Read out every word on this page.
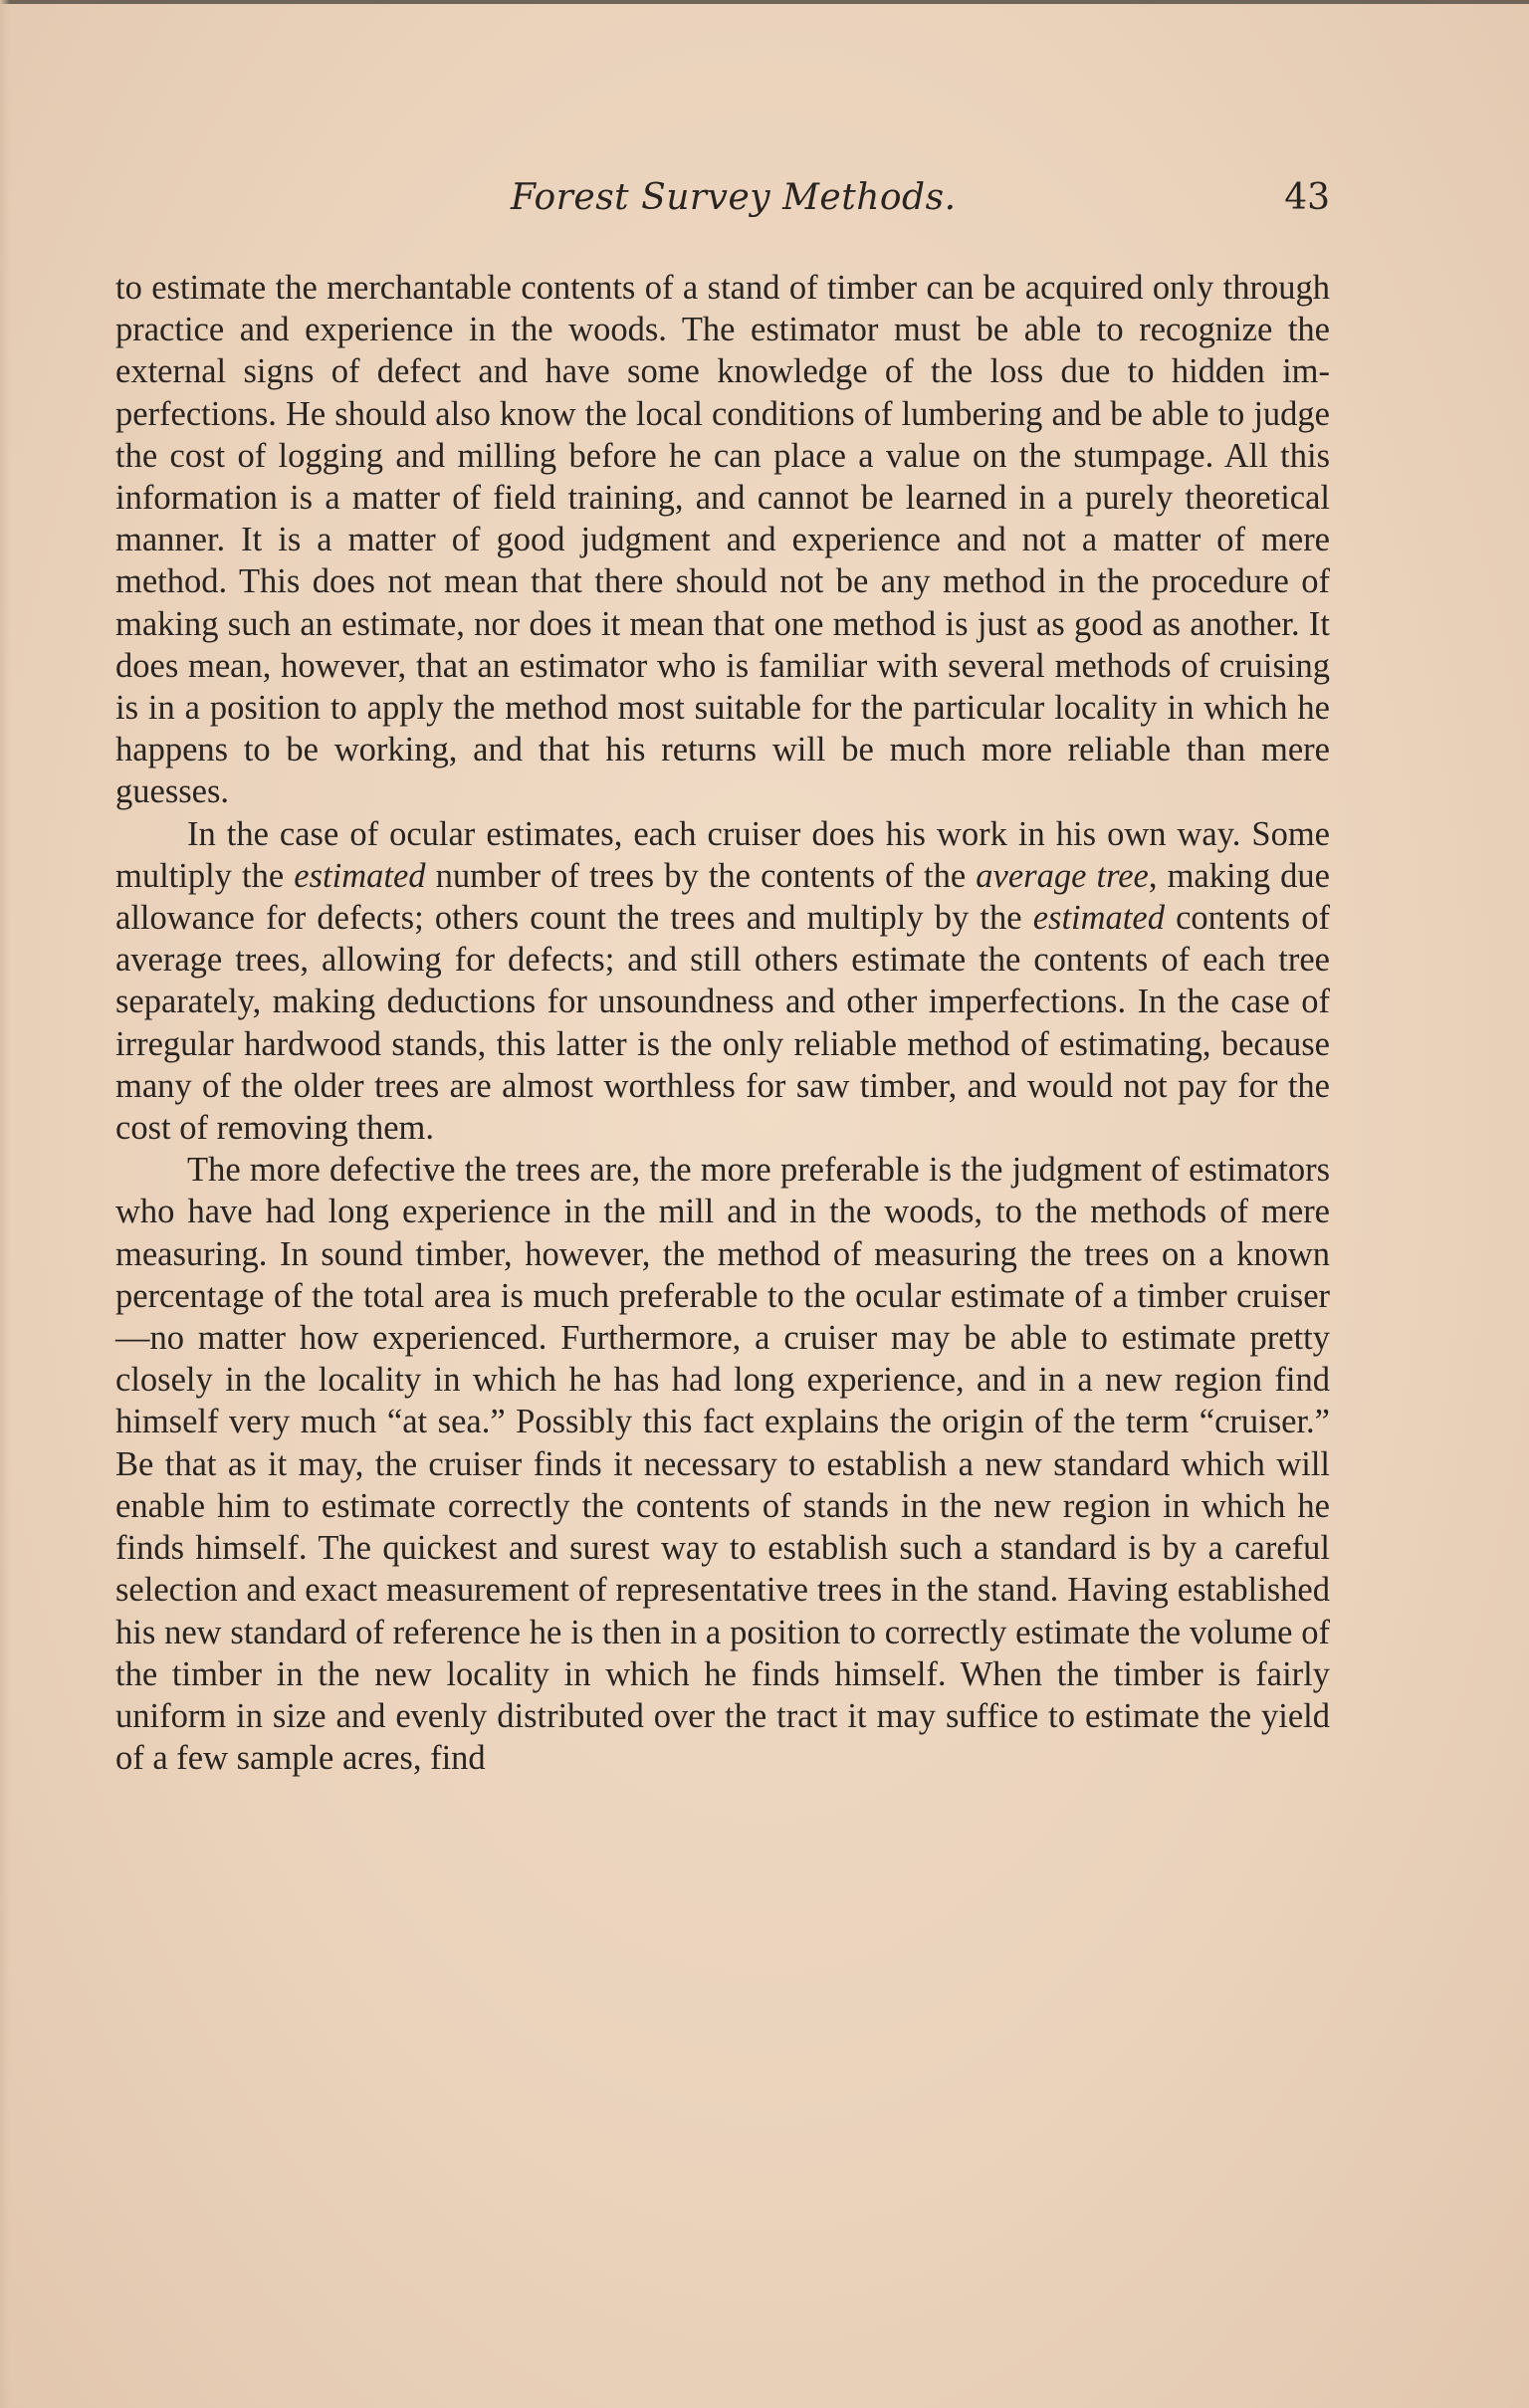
Forest Survey Methods.	43

to estimate the merchantable contents of a stand of timber can be acquired only through practice and experience in the woods. The estimator must be able to recognize the external signs of defect and have some knowledge of the loss due to hidden imperfections. He should also know the local conditions of lumbering and be able to judge the cost of logging and milling before he can place a value on the stumpage. All this information is a matter of field training, and cannot be learned in a purely theoretical manner. It is a matter of good judgment and experience and not a matter of mere method. This does not mean that there should not be any method in the procedure of making such an estimate, nor does it mean that one method is just as good as another. It does mean, however, that an estimator who is familiar with several methods of cruising is in a position to apply the method most suitable for the particular locality in which he happens to be working, and that his returns will be much more reliable than mere guesses.

In the case of ocular estimates, each cruiser does his work in his own way. Some multiply the estimated number of trees by the contents of the average tree, making due allowance for defects; others count the trees and multiply by the estimated contents of average trees, allowing for defects; and still others estimate the contents of each tree separately, making deductions for unsoundness and other imperfections. In the case of irregular hardwood stands, this latter is the only reliable method of estimating, because many of the older trees are almost worthless for saw timber, and would not pay for the cost of removing them.

The more defective the trees are, the more preferable is the judgment of estimators who have had long experience in the mill and in the woods, to the methods of mere measuring. In sound timber, however, the method of measuring the trees on a known percentage of the total area is much preferable to the ocular estimate of a timber cruiser—no matter how experienced. Furthermore, a cruiser may be able to estimate pretty closely in the locality in which he has had long experience, and in a new region find himself very much “at sea.” Possibly this fact explains the origin of the term “cruiser.” Be that as it may, the cruiser finds it necessary to establish a new standard which will enable him to estimate correctly the contents of stands in the new region in which he finds himself. The quickest and surest way to establish such a standard is by a careful selection and exact measurement of representative trees in the stand. Having established his new standard of reference he is then in a position to correctly estimate the volume of the timber in the new locality in which he finds himself. When the timber is fairly uniform in size and evenly distributed over the tract it may suffice to estimate the yield of a few sample acres, find
